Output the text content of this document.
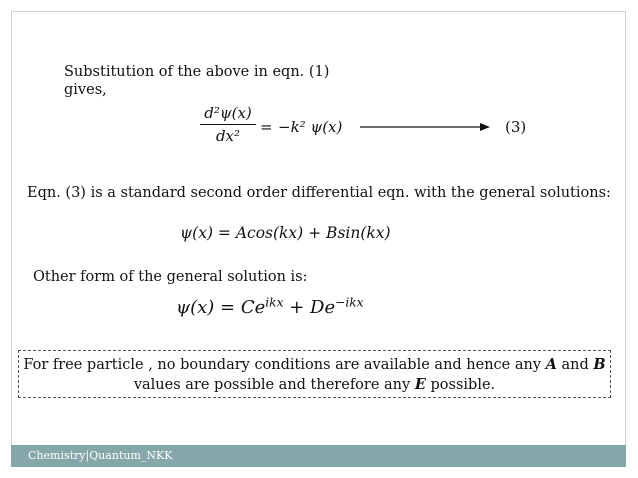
Substitution of the above in eqn. (1)
gives,
d²ψ(x)
dx²	= −k² ψ(x)	(3)
Eqn. (3) is a standard second order differential eqn. with the general solutions:
ψ(x) = Acos(kx) + Bsin(kx)
Other form of the general solution is:
$\psi(x) = Ce^{ikx} + De^{-ikx}$
For free particle , no boundary conditions are available and hence any A and B
values are possible and therefore any E possible.
Chemistry|Quantum_NKK
